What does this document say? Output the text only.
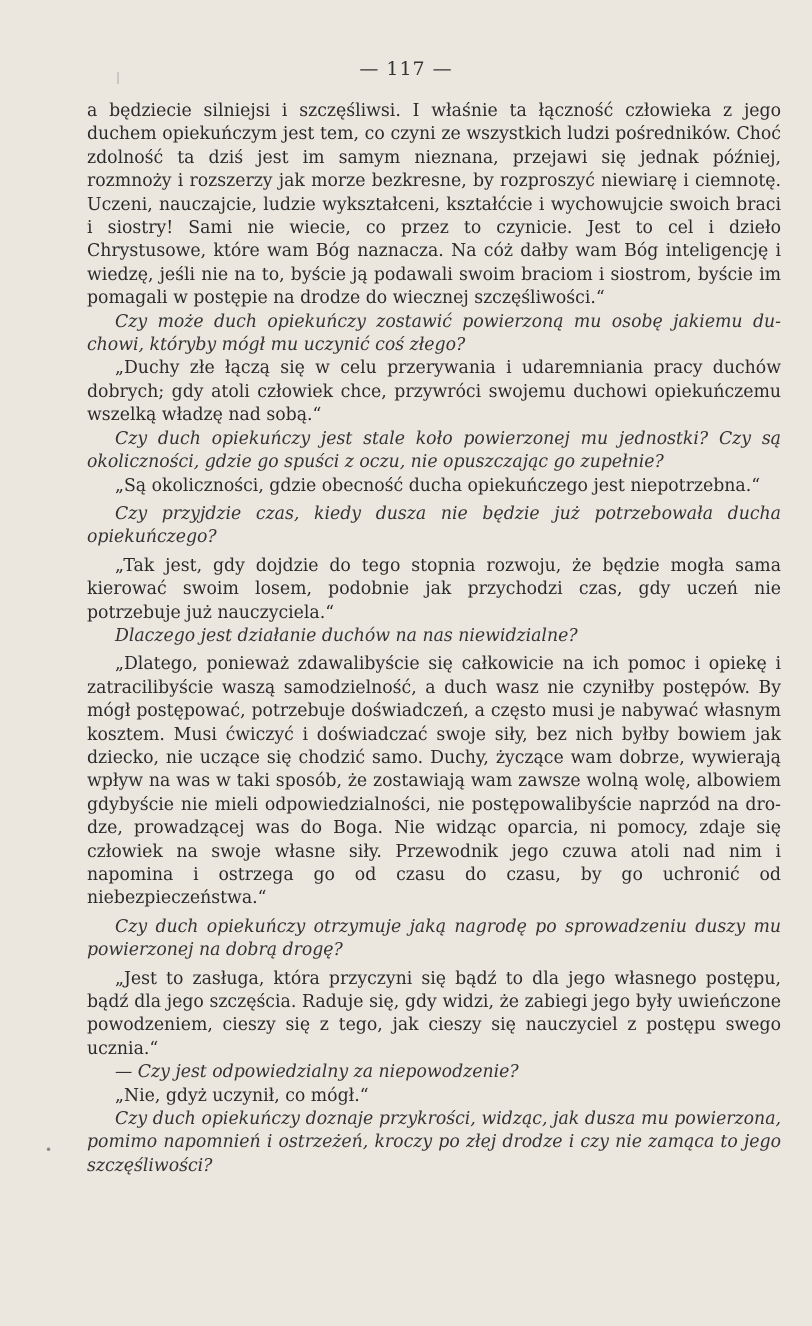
— 117 —

a będziecie silniejsi i szczęśliwsi. I właśnie ta łączność człowieka z jego duchem opiekuńczym jest tem, co czyni ze wszystkich ludzi pośredników. Choć zdolność ta dziś jest im samym nieznana, przejawi się jednak później, rozmnoży i rozszerzy jak morze bezkresne, by rozproszyć niewiarę i ciemnotę. Uczeni, nauczajcie, ludzie wykształceni, kształćcie i wychowujcie swoich braci i siostry! Sami nie wiecie, co przez to czynicie. Jest to cel i dzieło Chrystusowe, które wam Bóg naznacza. Na cóż dałby wam Bóg inteligencję i wiedzę, jeśli nie na to, byście ją podawali swoim braciom i siostrom, byście im pomagali w postępie na drodze do wiecznej szczęśliwości.“

Czy może duch opiekuńczy zostawić powierzoną mu osobę jakiemu duchowi, któryby mógł mu uczynić coś złego?

„Duchy złe łączą się w celu przerywania i udaremniania pracy duchów dobrych; gdy atoli człowiek chce, przywróci swojemu duchowi opiekuńczemu wszelką władzę nad sobą.“

Czy duch opiekuńczy jest stale koło powierzonej mu jednostki? Czy są okoliczności, gdzie go spuści z oczu, nie opuszczając go zupełnie?

„Są okoliczności, gdzie obecność ducha opiekuńczego jest niepotrzebna.“

Czy przyjdzie czas, kiedy dusza nie będzie już potrzebowała ducha opiekuńczego?

„Tak jest, gdy dojdzie do tego stopnia rozwoju, że będzie mogła sama kierować swoim losem, podobnie jak przychodzi czas, gdy uczeń nie potrzebuje już nauczyciela.“

Dlaczego jest działanie duchów na nas niewidzialne?

„Dlatego, ponieważ zdawalibyście się całkowicie na ich pomoc i opiekę i zatracilibyście waszą samodzielność, a duch wasz nie czyniłby postępów. By mógł postępować, potrzebuje doświadczeń, a często musi je nabywać własnym kosztem. Musi ćwiczyć i doświadczać swoje siły, bez nich byłby bowiem jak dziecko, nie uczące się chodzić samo. Duchy, życzące wam dobrze, wywierają wpływ na was w taki sposób, że zostawiają wam zawsze wolną wolę, albowiem gdybyście nie mieli odpowiedzialności, nie postępowalibyście naprzód na drodze, prowadzącej was do Boga. Nie widząc oparcia, ni pomocy, zdaje się człowiek na swoje własne siły. Przewodnik jego czuwa atoli nad nim i napomina i ostrzega go od czasu do czasu, by go uchronić od niebezpieczeństwa.“

Czy duch opiekuńczy otrzymuje jaką nagrodę po sprowadzeniu duszy mu powierzonej na dobrą drogę?

„Jest to zasługa, która przyczyni się bądź to dla jego własnego postępu, bądź dla jego szczęścia. Raduje się, gdy widzi, że zabiegi jego były uwieńczone powodzeniem, cieszy się z tego, jak cieszy się nauczyciel z postępu swego ucznia.“

— Czy jest odpowiedzialny za niepowodzenie?

„Nie, gdyż uczynił, co mógł.“

Czy duch opiekuńczy doznaje przykrości, widząc, jak dusza mu powierzona, pomimo napomnień i ostrzeżeń, kroczy po złej drodze i czy nie zamąca to jego szczęśliwości?

•
